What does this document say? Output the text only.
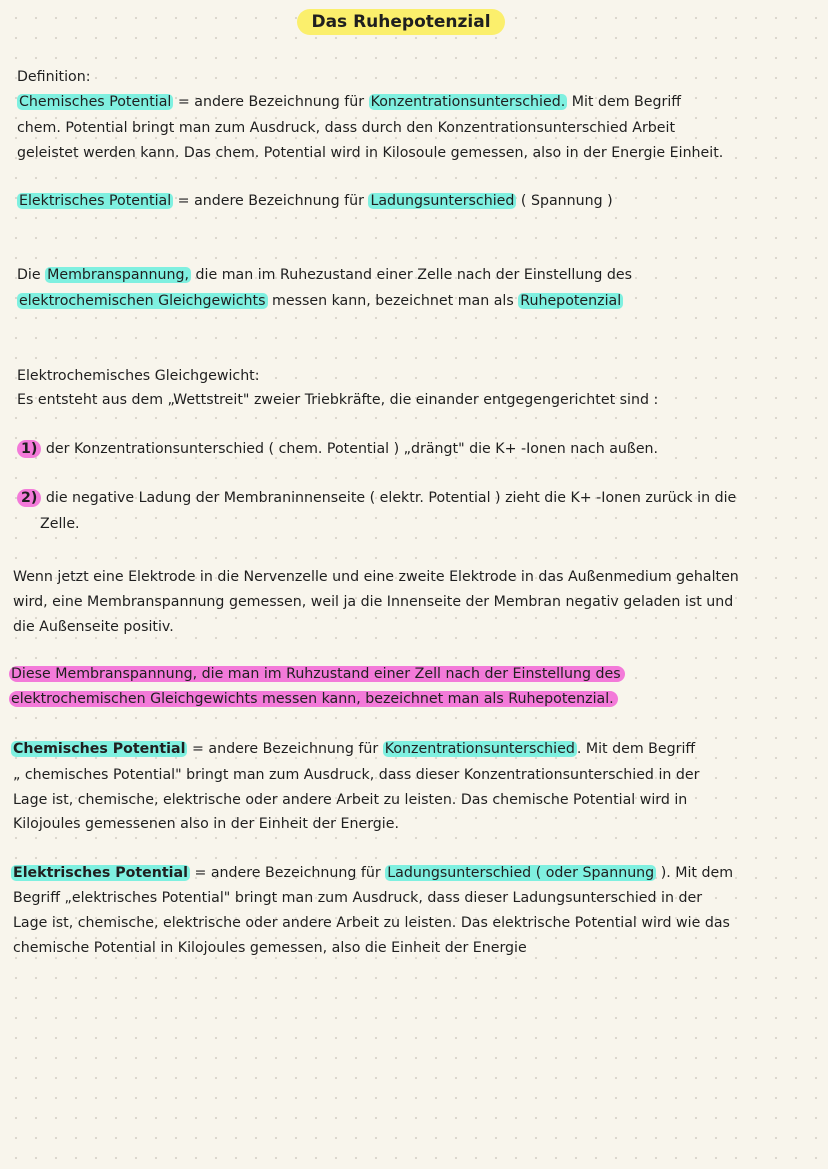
Das Ruhepotenzial
Definition:
Chemisches Potential = andere Bezeichnung für Konzentrationsunterschied. Mit dem Begriff
chem. Potential bringt man zum Ausdruck, dass durch den Konzentrationsunterschied Arbeit
geleistet werden kann. Das chem. Potential wird in Kilosoule gemessen, also in der Energie Einheit.
Elektrisches Potential = andere Bezeichnung für Ladungsunterschied ( Spannung )
Die Membranspannung, die man im Ruhezustand einer Zelle nach der Einstellung des
elektrochemischen Gleichgewichts messen kann, bezeichnet man als Ruhepotenzial
Elektrochemisches Gleichgewicht:
Es entsteht aus dem „Wettstreit" zweier Triebkräfte, die einander entgegengerichtet sind :
1) der Konzentrationsunterschied ( chem. Potential ) „drängt" die K+ -Ionen nach außen.
2) die negative Ladung der Membraninnenseite ( elektr. Potential ) zieht die K+ -Ionen zurück in die
Zelle.
Wenn jetzt eine Elektrode in die Nervenzelle und eine zweite Elektrode in das Außenmedium gehalten
wird, eine Membranspannung gemessen, weil ja die Innenseite der Membran negativ geladen ist und
die Außenseite positiv.
Diese Membranspannung, die man im Ruhzustand einer Zell nach der Einstellung des
elektrochemischen Gleichgewichts messen kann, bezeichnet man als Ruhepotenzial.
Chemisches Potential = andere Bezeichnung für Konzentrationsunterschied . Mit dem Begriff
„ chemisches Potential" bringt man zum Ausdruck, dass dieser Konzentrationsunterschied in der
Lage ist, chemische, elektrische oder andere Arbeit zu leisten. Das chemische Potential wird in
Kilojoules gemessenen also in der Einheit der Energie.
Elektrisches Potential = andere Bezeichnung für Ladungsunterschied ( oder Spannung ). Mit dem
Begriff „elektrisches Potential" bringt man zum Ausdruck, dass dieser Ladungsunterschied in der
Lage ist, chemische, elektrische oder andere Arbeit zu leisten. Das elektrische Potential wird wie das
chemische Potential in Kilojoules gemessen, also die Einheit der Energie
